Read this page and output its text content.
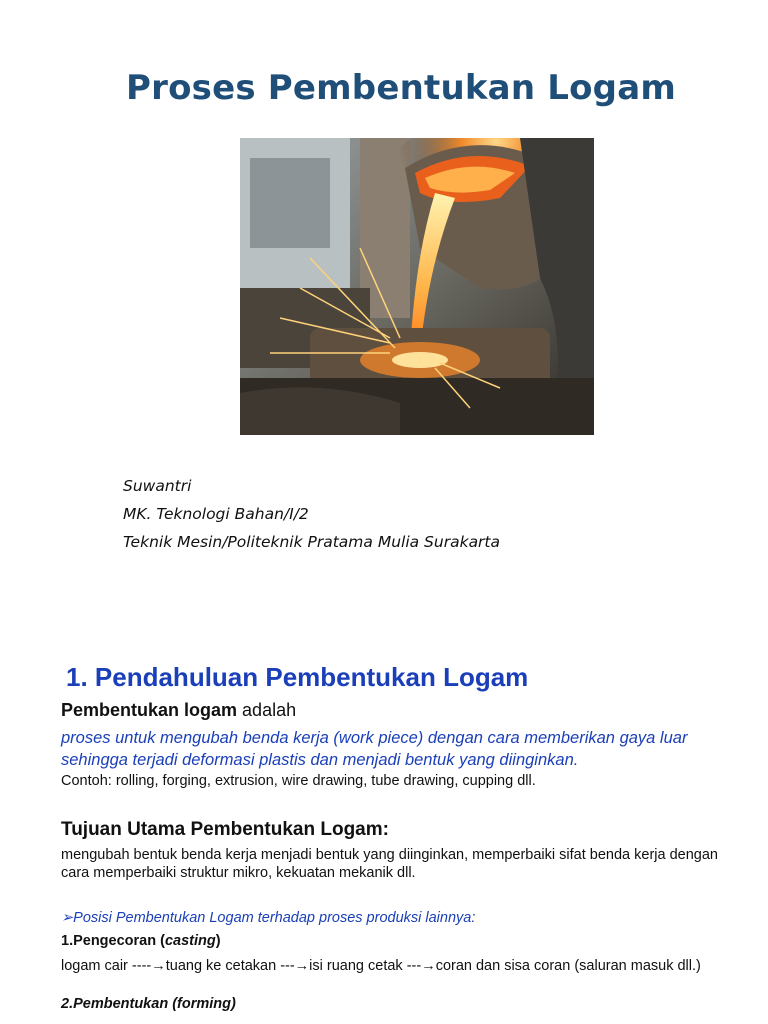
Proses Pembentukan Logam
Suwantri
MK. Teknologi Bahan/I/2
Teknik Mesin/Politeknik Pratama Mulia Surakarta
1. Pendahuluan Pembentukan Logam
Pembentukan logam adalah
proses untuk mengubah benda kerja (work piece) dengan cara memberikan gaya luar sehingga terjadi deformasi plastis dan menjadi bentuk yang diinginkan.
Contoh: rolling, forging, extrusion, wire drawing, tube drawing, cupping dll.
Tujuan Utama Pembentukan Logam:
mengubah bentuk benda kerja menjadi bentuk yang diinginkan, memperbaiki sifat benda kerja dengan cara memperbaiki struktur mikro, kekuatan mekanik dll.
➢Posisi Pembentukan Logam terhadap proses produksi lainnya:
1.Pengecoran (casting)
logam cair ----→tuang ke cetakan ---→isi ruang cetak ---→coran dan sisa coran (saluran masuk dll.)
2.Pembentukan (forming)
